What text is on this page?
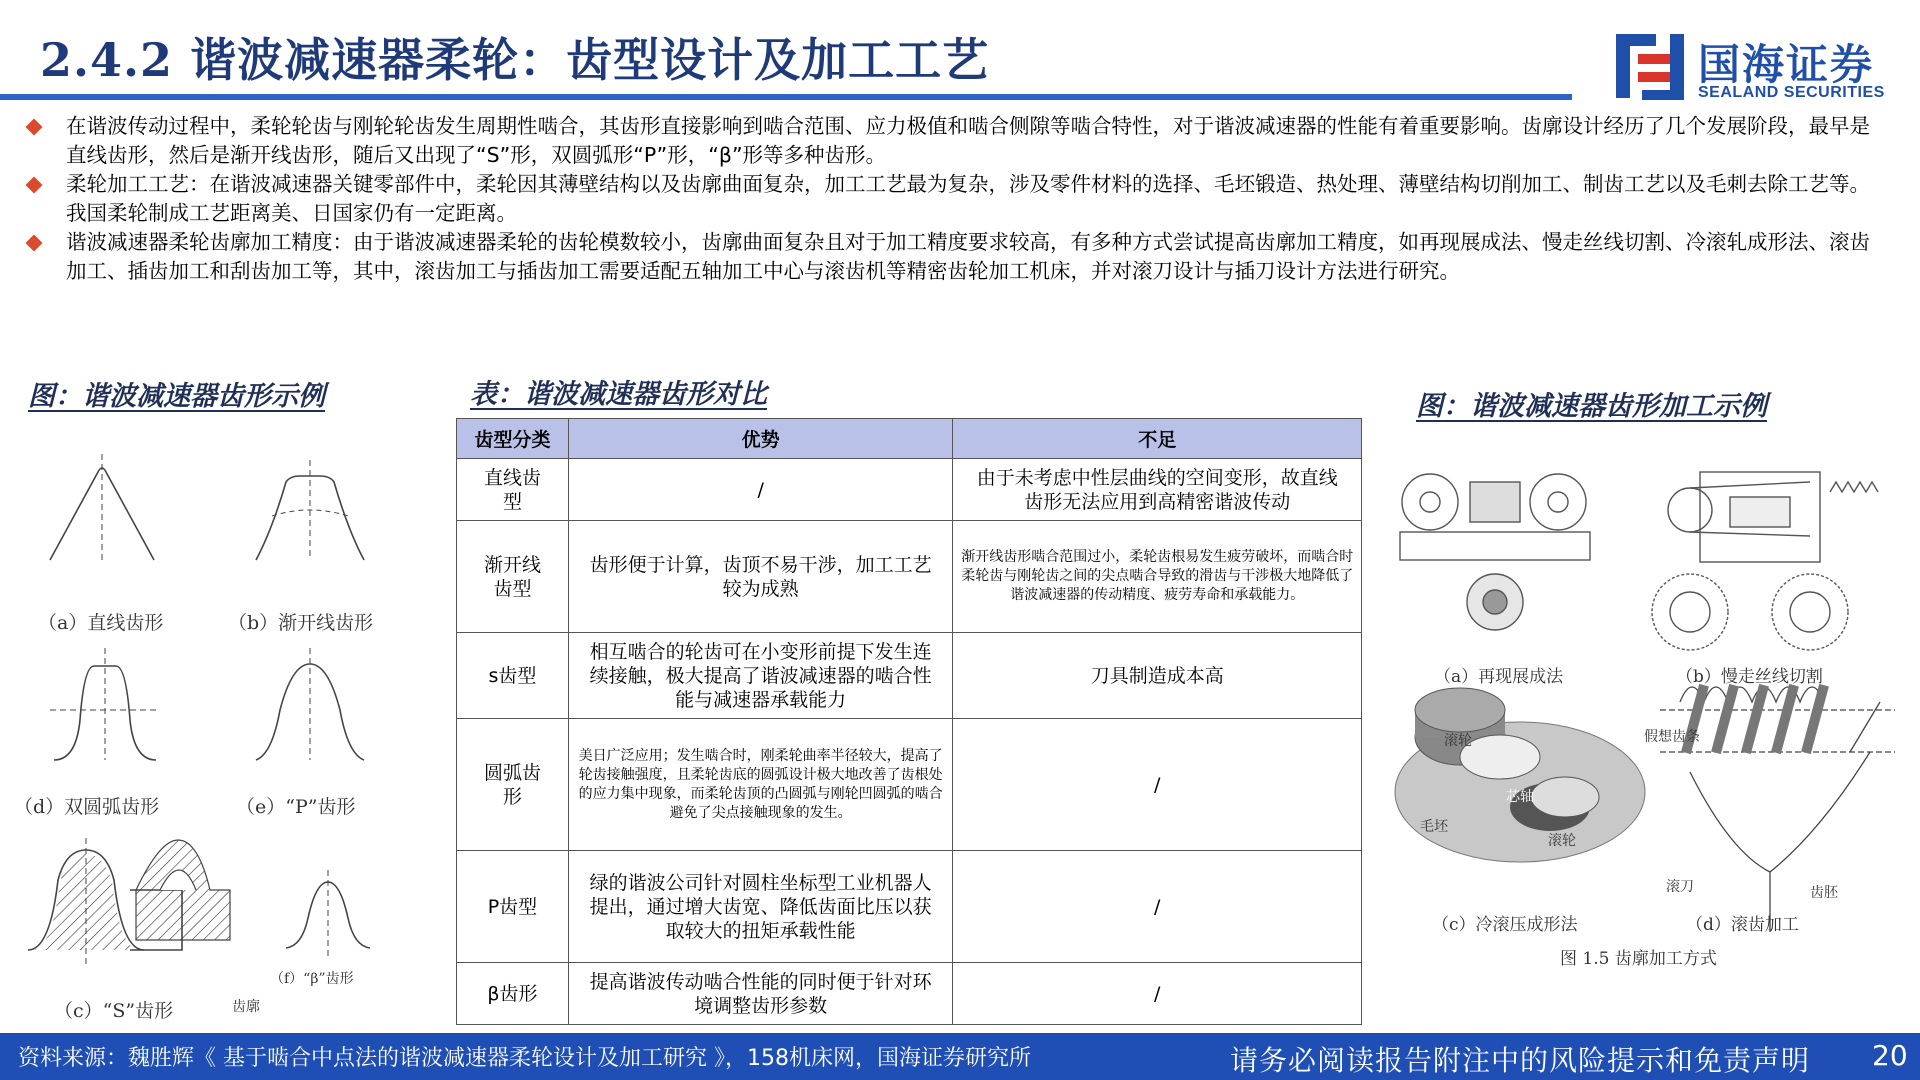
2.4.2 谐波减速器柔轮：齿型设计及加工工艺	国海证券
SEALAND SECURITIES
在谐波传动过程中，柔轮轮齿与刚轮轮齿发生周期性啮合，其齿形直接影响到啮合范围、应力极值和啮合侧隙等啮合特性，对于谐波减速器的性能有着重要影响。齿廓设计经历了几个发展阶段，最早是直线齿形，然后是渐开线齿形，随后又出现了“S”形，双圆弧形“P”形，“β”形等多种齿形。
柔轮加工工艺：在谐波减速器关键零部件中，柔轮因其薄壁结构以及齿廓曲面复杂，加工工艺最为复杂，涉及零件材料的选择、毛坯锻造、热处理、薄壁结构切削加工、制齿工艺以及毛刺去除工艺等。我国柔轮制成工艺距离美、日国家仍有一定距离。
谐波减速器柔轮齿廓加工精度：由于谐波减速器柔轮的齿轮模数较小，齿廓曲面复杂且对于加工精度要求较高，有多种方式尝试提高齿廓加工精度，如再现展成法、慢走丝线切割、冷滚轧成形法、滚齿加工、插齿加工和刮齿加工等，其中，滚齿加工与插齿加工需要适配五轴加工中心与滚齿机等精密齿轮加工机床，并对滚刀设计与插刀设计方法进行研究。
图：谐波减速器齿形示例	表：谐波减速器齿形对比	图：谐波减速器齿形加工示例
（a）直线齿形	（b）渐开线齿形
（d）双圆弧齿形	（e）“P”齿形
（c）“S”齿形
（f）“β”齿形
齿廓
齿型分类	优势	不足
直线齿型	/	由于未考虑中性层曲线的空间变形，故直线齿形无法应用到高精密谐波传动
渐开线齿型	齿形便于计算，齿顶不易干涉，加工工艺较为成熟	渐开线齿形啮合范围过小，柔轮齿根易发生疲劳破坏，而啮合时柔轮齿与刚轮齿之间的尖点啮合导致的滑齿与干涉极大地降低了谐波减速器的传动精度、疲劳寿命和承载能力。
s齿型	相互啮合的轮齿可在小变形前提下发生连续接触，极大提高了谐波减速器的啮合性能与减速器承载能力	刀具制造成本高
圆弧齿形	美日广泛应用；发生啮合时，刚柔轮曲率半径较大，提高了轮齿接触强度，且柔轮齿底的圆弧设计极大地改善了齿根处的应力集中现象，而柔轮齿顶的凸圆弧与刚轮凹圆弧的啮合避免了尖点接触现象的发生。	/
P齿型	绿的谐波公司针对圆柱坐标型工业机器人提出，通过增大齿宽、降低齿面比压以获取较大的扭矩承载性能	/
β齿形	提高谐波传动啮合性能的同时便于针对环境调整齿形参数	/
（a）再现展成法	（b）慢走丝线切割
（c）冷滚压成形法	（d）滚齿加工
图 1.5 齿廓加工方式
滚轮
芯轴
毛坯
滚轮
假想齿条
滚刀	齿胚
资料来源：魏胜辉《 基于啮合中点法的谐波减速器柔轮设计及加工研究 》，158机床网，国海证券研究所	请务必阅读报告附注中的风险提示和免责声明 20
